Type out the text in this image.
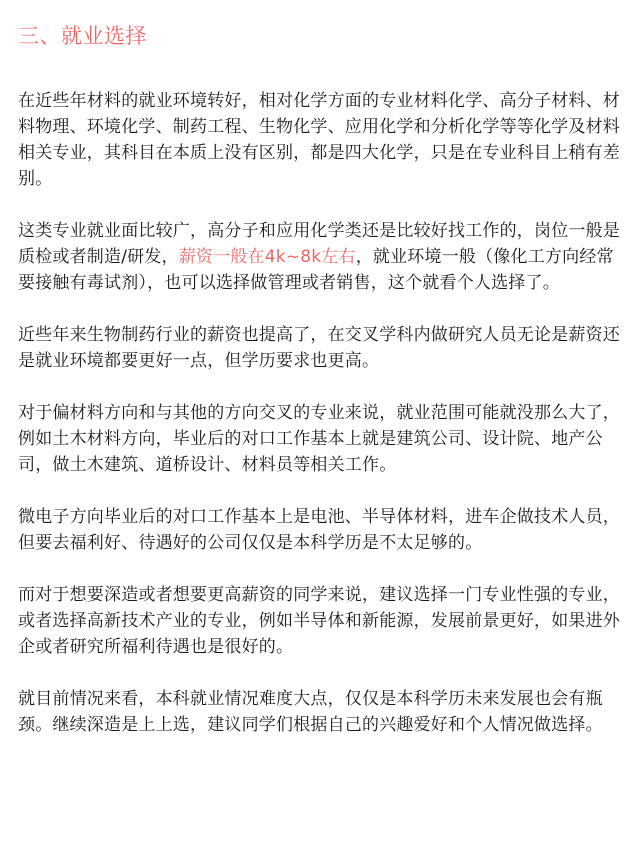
三、就业选择

在近些年材料的就业环境转好，相对化学方面的专业材料化学、高分子材料、材料物理、环境化学、制药工程、生物化学、应用化学和分析化学等等化学及材料相关专业，其科目在本质上没有区别，都是四大化学，只是在专业科目上稍有差别。

这类专业就业面比较广，高分子和应用化学类还是比较好找工作的，岗位一般是质检或者制造/研发，薪资一般在4k~8k左右，就业环境一般（像化工方向经常要接触有毒试剂），也可以选择做管理或者销售，这个就看个人选择了。

近些年来生物制药行业的薪资也提高了，在交叉学科内做研究人员无论是薪资还是就业环境都要更好一点，但学历要求也更高。

对于偏材料方向和与其他的方向交叉的专业来说，就业范围可能就没那么大了，例如土木材料方向，毕业后的对口工作基本上就是建筑公司、设计院、地产公司，做土木建筑、道桥设计、材料员等相关工作。

微电子方向毕业后的对口工作基本上是电池、半导体材料，进车企做技术人员，但要去福利好、待遇好的公司仅仅是本科学历是不太足够的。

而对于想要深造或者想要更高薪资的同学来说，建议选择一门专业性强的专业，或者选择高新技术产业的专业，例如半导体和新能源，发展前景更好，如果进外企或者研究所福利待遇也是很好的。

就目前情况来看，本科就业情况难度大点，仅仅是本科学历未来发展也会有瓶颈。继续深造是上上选，建议同学们根据自己的兴趣爱好和个人情况做选择。
